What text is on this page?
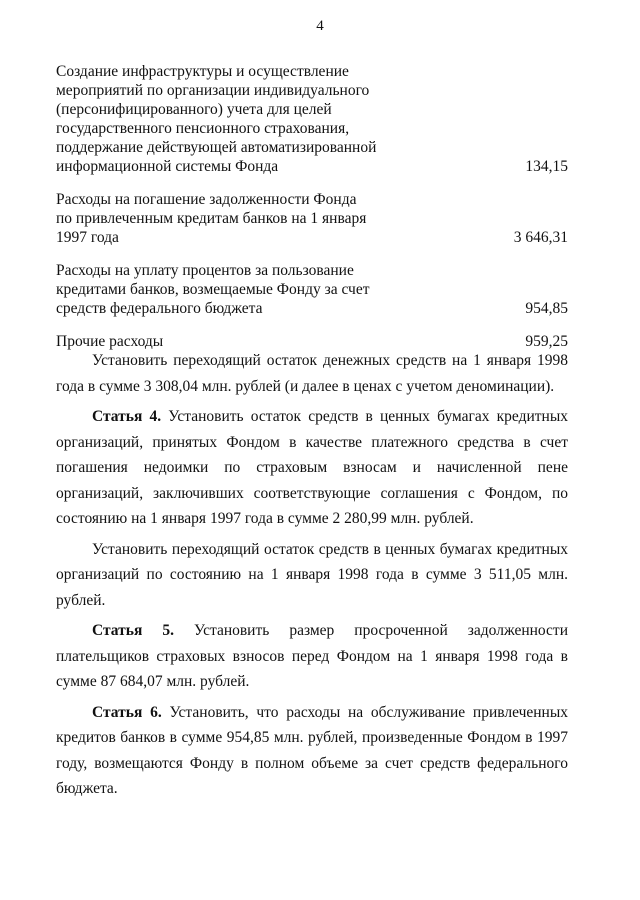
4
Создание инфраструктуры и осуществление
мероприятий по организации индивидуального
(персонифицированного) учета для целей
государственного пенсионного страхования,
поддержание действующей автоматизированной
информационной системы Фонда	134,15
Расходы на погашение задолженности Фонда
по привлеченным кредитам банков на 1 января
1997 года	3 646,31
Расходы на уплату процентов за пользование
кредитами банков, возмещаемые Фонду за счет
средств федерального бюджета	954,85
Прочие расходы	959,25

Установить переходящий остаток денежных средств на 1 января 1998 года в сумме 3 308,04 млн. рублей (и далее в ценах с учетом деноминации).

Статья 4. Установить остаток средств в ценных бумагах кредитных организаций, принятых Фондом в качестве платежного средства в счет погашения недоимки по страховым взносам и начисленной пене организаций, заключивших соответствующие соглашения с Фондом, по состоянию на 1 января 1997 года в сумме 2 280,99 млн. рублей.

Установить переходящий остаток средств в ценных бумагах кредитных организаций по состоянию на 1 января 1998 года в сумме 3 511,05 млн. рублей.

Статья 5. Установить размер просроченной задолженности плательщиков страховых взносов перед Фондом на 1 января 1998 года в сумме 87 684,07 млн. рублей.

Статья 6. Установить, что расходы на обслуживание привлеченных кредитов банков в сумме 954,85 млн. рублей, произведенные Фондом в 1997 году, возмещаются Фонду в полном объеме за счет средств федерального бюджета.
